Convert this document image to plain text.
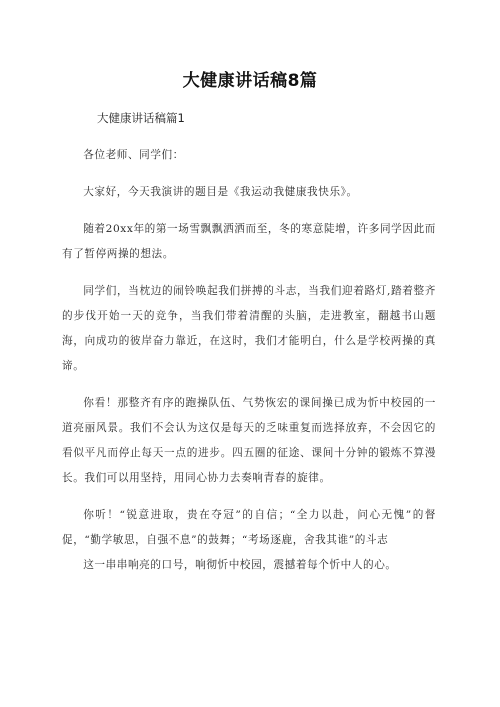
大健康讲话稿8篇
大健康讲话稿篇1

各位老师、同学们：

大家好，今天我演讲的题目是《我运动我健康我快乐》。

随着20xx年的第一场雪飘飘洒洒而至，冬的寒意陡增，许多同学因此而有了暂停两操的想法。

同学们，当枕边的闹铃唤起我们拼搏的斗志，当我们迎着路灯,踏着整齐的步伐开始一天的竞争，当我们带着清醒的头脑，走进教室，翻越书山题海，向成功的彼岸奋力靠近，在这时，我们才能明白，什么是学校两操的真谛。

你看！那整齐有序的跑操队伍、气势恢宏的课间操已成为忻中校园的一道亮丽风景。我们不会认为这仅是每天的乏味重复而选择放弃，不会因它的看似平凡而停止每天一点的进步。四五圈的征途、课间十分钟的锻炼不算漫长。我们可以用坚持，用同心协力去奏响青春的旋律。

你听！“锐意进取，贵在夺冠”的自信；“全力以赴，问心无愧”的督促，“勤学敏思，自强不息”的鼓舞；“考场逐鹿，舍我其谁”的斗志

这一串串响亮的口号，响彻忻中校园，震撼着每个忻中人的心。
